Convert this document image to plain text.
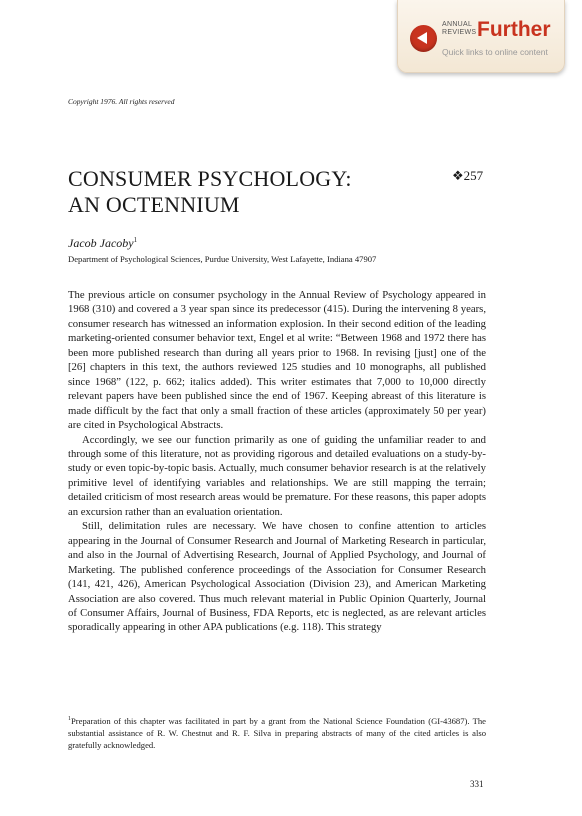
ANNUAL
REVIEWS Further
Quick links to online content
Copyright 1976. All rights reserved
CONSUMER PSYCHOLOGY:
AN OCTENNIUM
❖257
Jacob Jacoby$^1$
Department of Psychological Sciences, Purdue University, West Lafayette, Indiana 47907

The previous article on consumer psychology in the Annual Review of Psychology appeared in 1968 (310) and covered a 3 year span since its predecessor (415). During the intervening 8 years, consumer research has witnessed an information explosion. In their second edition of the leading marketing-oriented consumer behavior text, Engel et al write: “Between 1968 and 1972 there has been more published research than during all years prior to 1968. In revising [just] one of the [26] chapters in this text, the authors reviewed 125 studies and 10 monographs, all published since 1968” (122, p. 662; italics added). This writer estimates that 7,000 to 10,000 directly relevant papers have been published since the end of 1967. Keeping abreast of this literature is made difficult by the fact that only a small fraction of these articles (approximately 50 per year) are cited in Psychological Abstracts.

Accordingly, we see our function primarily as one of guiding the unfamiliar reader to and through some of this literature, not as providing rigorous and detailed evaluations on a study-by-study or even topic-by-topic basis. Actually, much consumer behavior research is at the relatively primitive level of identifying variables and relationships. We are still mapping the terrain; detailed criticism of most research areas would be premature. For these reasons, this paper adopts an excursion rather than an evaluation orientation.

Still, delimitation rules are necessary. We have chosen to confine attention to articles appearing in the Journal of Consumer Research and Journal of Marketing Research in particular, and also in the Journal of Advertising Research, Journal of Applied Psychology, and Journal of Marketing. The published conference proceedings of the Association for Consumer Research (141, 421, 426), American Psychological Association (Division 23), and American Marketing Association are also covered. Thus much relevant material in Public Opinion Quarterly, Journal of Consumer Affairs, Journal of Business, FDA Reports, etc is neglected, as are relevant articles sporadically appearing in other APA publications (e.g. 118). This strategy

$^1$Preparation of this chapter was facilitated in part by a grant from the National Science Foundation (GI-43687). The substantial assistance of R. W. Chestnut and R. F. Silva in preparing abstracts of many of the cited articles is also gratefully acknowledged.
331
